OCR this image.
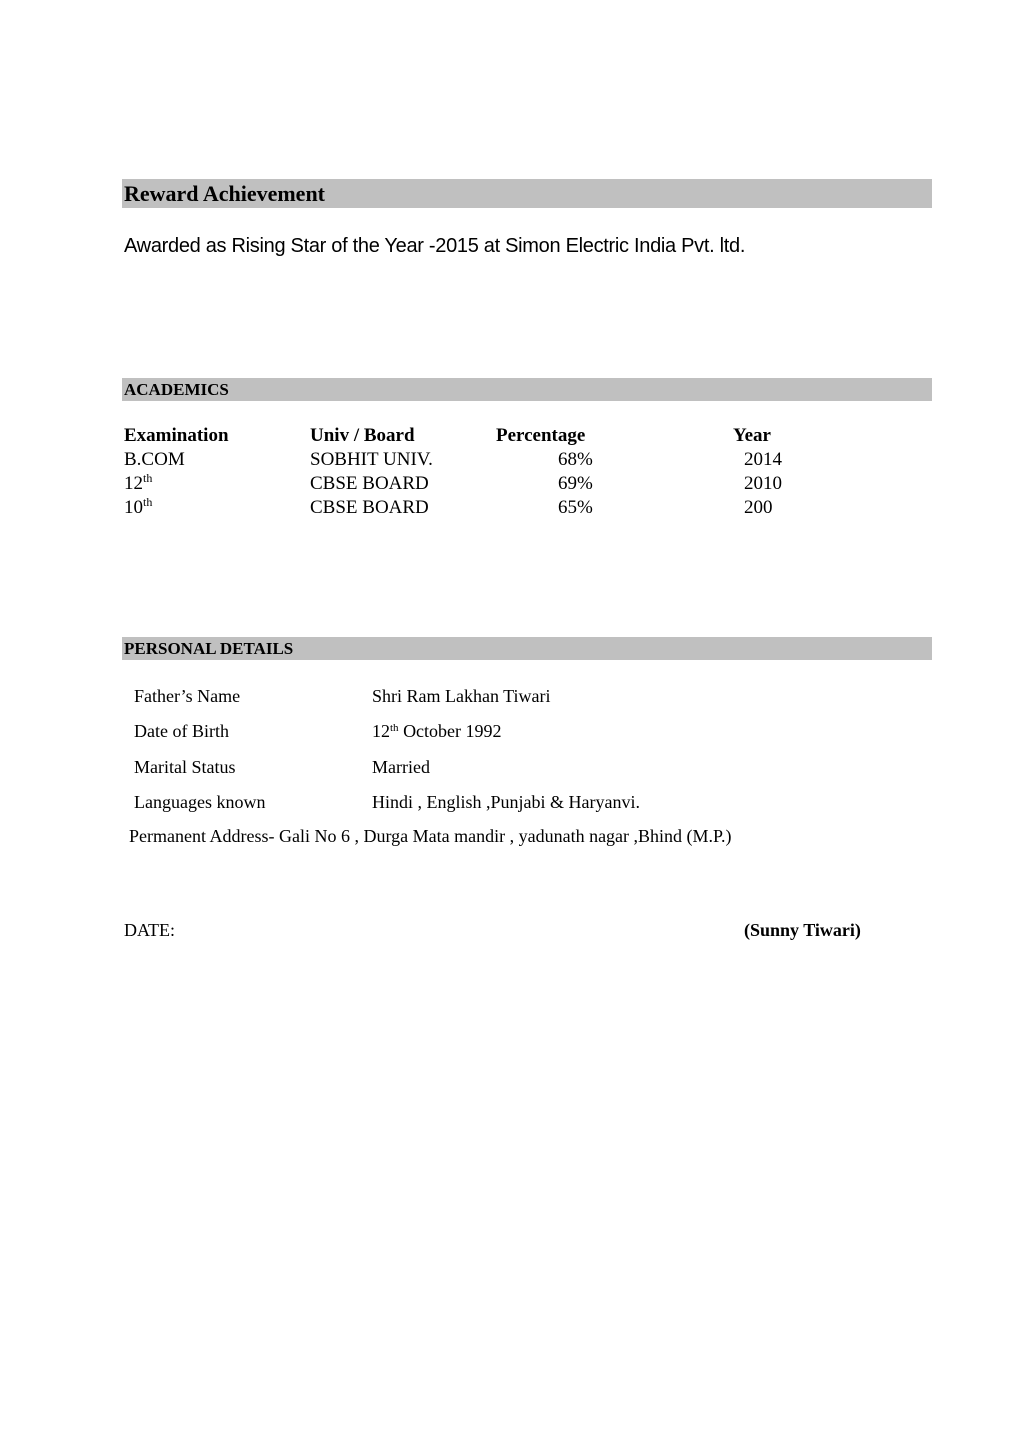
Reward Achievement
Awarded as Rising Star of the Year -2015 at Simon Electric India Pvt. ltd.
ACADEMICS
Examination	Univ / Board	Percentage	Year
B.COM	SOBHIT UNIV.	68%	2014
12th	CBSE BOARD	69%	2010
10th	CBSE BOARD	65%	200
PERSONAL DETAILS
Father’s Name	Shri Ram Lakhan Tiwari
Date of Birth	12th October 1992
Marital Status	Married
Languages known	Hindi , English ,Punjabi & Haryanvi.
Permanent Address- Gali No 6 , Durga Mata mandir , yadunath nagar ,Bhind (M.P.)
DATE:	(Sunny Tiwari)
